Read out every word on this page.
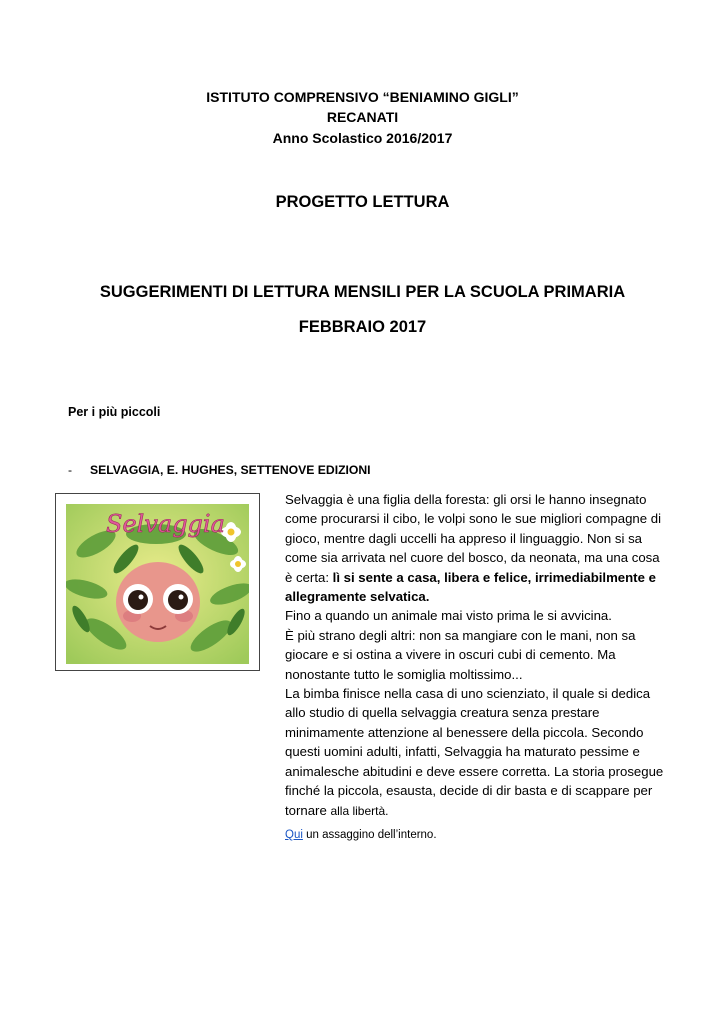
ISTITUTO COMPRENSIVO “BENIAMINO GIGLI”
RECANATI
Anno Scolastico 2016/2017
PROGETTO LETTURA
SUGGERIMENTI DI LETTURA MENSILI PER LA SCUOLA PRIMARIA
FEBBRAIO 2017
Per i più piccoli
- SELVAGGIA, E. HUGHES, SETTENOVE EDIZIONI
Selvaggia

Selvaggia è una figlia della foresta: gli orsi le hanno insegnato come procurarsi il cibo, le volpi sono le sue migliori compagne di gioco, mentre dagli uccelli ha appreso il linguaggio. Non si sa come sia arrivata nel cuore del bosco, da neonata, ma una cosa è certa: lì si sente a casa, libera e felice, irrimediabilmente e allegramente selvatica.

Fino a quando un animale mai visto prima le si avvicina.

È più strano degli altri: non sa mangiare con le mani, non sa giocare e si ostina a vivere in oscuri cubi di cemento. Ma nonostante tutto le somiglia moltissimo...

La bimba finisce nella casa di uno scienziato, il quale si dedica allo studio di quella selvaggia creatura senza prestare minimamente attenzione al benessere della piccola. Secondo questi uomini adulti, infatti, Selvaggia ha maturato pessime e animalesche abitudini e deve essere corretta. La storia prosegue finché la piccola, esausta, decide di dir basta e di scappare per tornare alla libertà.

Qui un assaggino dell’interno.
